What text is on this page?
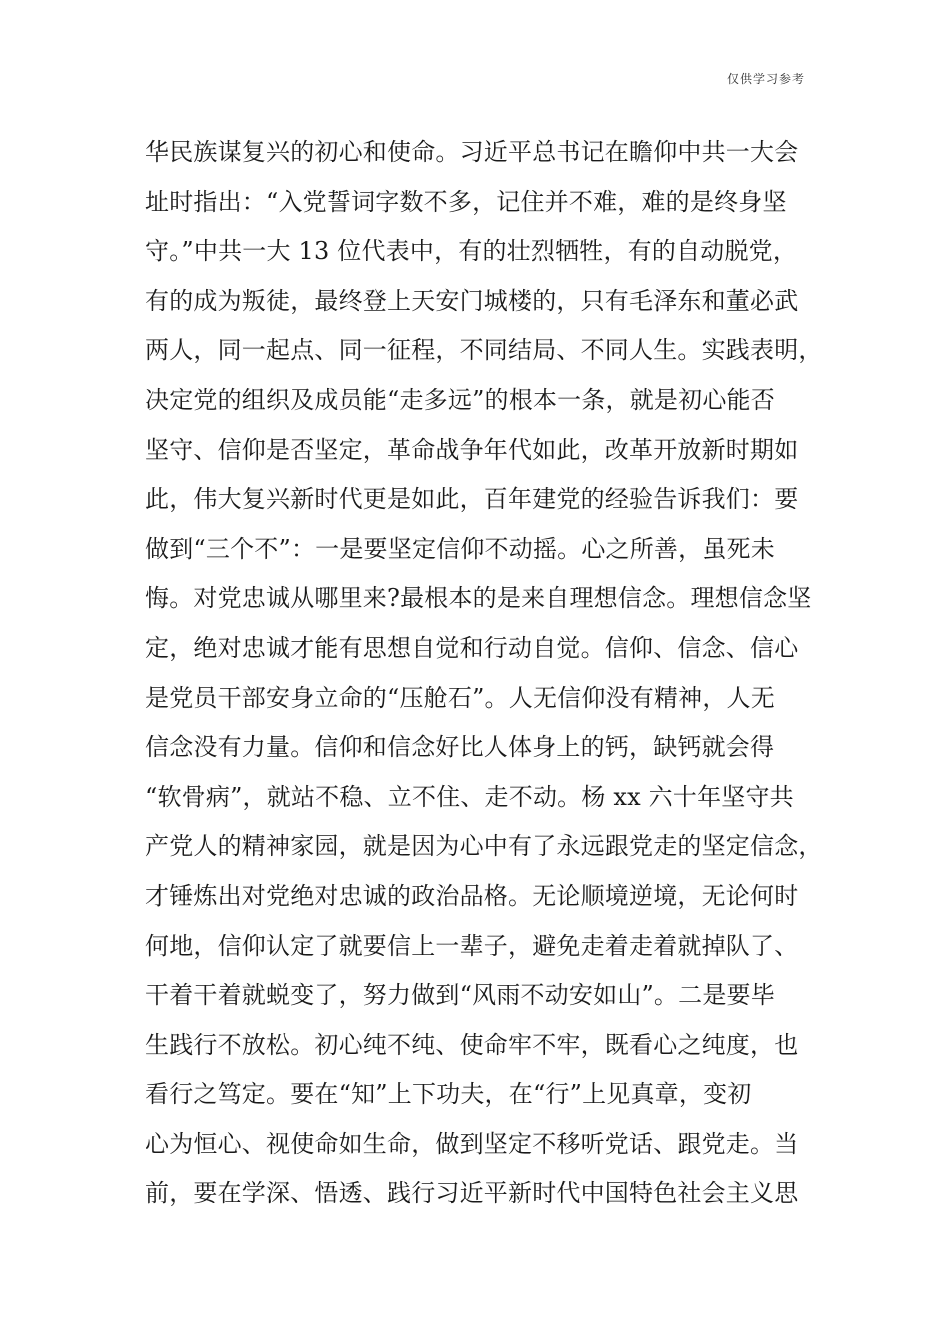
仅供学习参考
华民族谋复兴的初心和使命。习近平总书记在瞻仰中共一大会
址时指出：“入党誓词字数不多，记住并不难，难的是终身坚
守。”中共一大 13 位代表中，有的壮烈牺牲，有的自动脱党，
有的成为叛徒，最终登上天安门城楼的，只有毛泽东和董必武
两人，同一起点、同一征程，不同结局、不同人生。实践表明，
决定党的组织及成员能“走多远”的根本一条，就是初心能否
坚守、信仰是否坚定，革命战争年代如此，改革开放新时期如
此，伟大复兴新时代更是如此，百年建党的经验告诉我们：要
做到“三个不”：一是要坚定信仰不动摇。心之所善，虽死未
悔。对党忠诚从哪里来?最根本的是来自理想信念。理想信念坚
定，绝对忠诚才能有思想自觉和行动自觉。信仰、信念、信心
是党员干部安身立命的“压舱石”。人无信仰没有精神，人无
信念没有力量。信仰和信念好比人体身上的钙，缺钙就会得
“软骨病”，就站不稳、立不住、走不动。杨 xx 六十年坚守共
产党人的精神家园，就是因为心中有了永远跟党走的坚定信念，
才锤炼出对党绝对忠诚的政治品格。无论顺境逆境，无论何时
何地，信仰认定了就要信上一辈子，避免走着走着就掉队了、
干着干着就蜕变了，努力做到“风雨不动安如山”。二是要毕
生践行不放松。初心纯不纯、使命牢不牢，既看心之纯度，也
看行之笃定。要在“知”上下功夫，在“行”上见真章，变初
心为恒心、视使命如生命，做到坚定不移听党话、跟党走。当
前，要在学深、悟透、践行习近平新时代中国特色社会主义思
